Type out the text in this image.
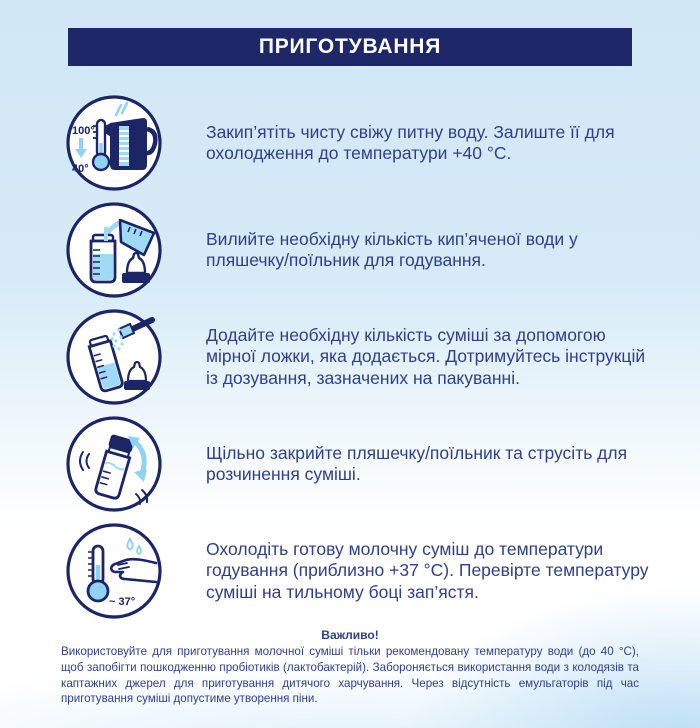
ПРИГОТУВАННЯ
100°
40°

Закип’ятіть чисту свіжу питну воду. Залиште її для охолодження до температури +40 °C.

Вилийте необхідну кількість кип’яченої води у пляшечку/поїльник для годування.

Додайте необхідну кількість суміші за допомогою мірної ложки, яка додається. Дотримуйтесь інструкцій із дозування, зазначених на пакуванні.

Щільно закрийте пляшечку/поїльник та струсіть для розчинення суміші.

~ 37°

Охолодіть готову молочну суміш до температури годування (приблизно +37 °C). Перевірте температуру суміші на тильному боці зап’ястя.

Важливо!

Використовуйте для приготування молочної суміші тільки рекомендовану температуру води (до 40 °C), щоб запобігти пошкодженню пробіотиків (лактобактерій). Забороняється використання води з колодязів та каптажних джерел для приготування дитячого харчування. Через відсутність емульгаторів під час приготування суміші допустиме утворення піни.
